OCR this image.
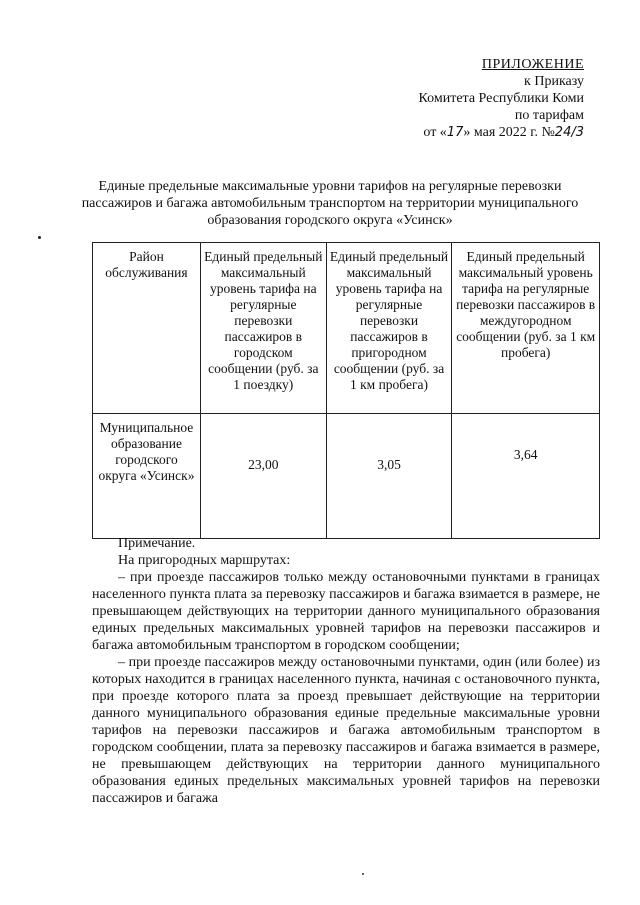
ПРИЛОЖЕНИЕ
к Приказу
Комитета Республики Коми
по тарифам
от «17» мая 2022 г. №24/3
Единые предельные максимальные уровни тарифов на регулярные перевозки пассажиров и багажа автомобильным транспортом на территории муниципального образования городского округа «Усинск»
Район обслуживания	Единый предельный максимальный уровень тарифа на регулярные перевозки пассажиров в городском сообщении (руб. за 1 поездку)	Единый предельный максимальный уровень тарифа на регулярные перевозки пассажиров в пригородном сообщении (руб. за 1 км пробега)	Единый предельный максимальный уровень тарифа на регулярные перевозки пассажиров в междугородном сообщении (руб. за 1 км пробега)
Муниципальное образование городского округа «Усинск»	23,00	3,05	3,64
Примечание.
На пригородных маршрутах:

– при проезде пассажиров только между остановочными пунктами в границах населенного пункта плата за перевозку пассажиров и багажа взимается в размере, не превышающем действующих на территории данного муниципального образования единых предельных максимальных уровней тарифов на перевозки пассажиров и багажа автомобильным транспортом в городском сообщении;

– при проезде пассажиров между остановочными пунктами, один (или более) из которых находится в границах населенного пункта, начиная с остановочного пункта, при проезде которого плата за проезд превышает действующие на территории данного муниципального образования единые предельные максимальные уровни тарифов на перевозки пассажиров и багажа автомобильным транспортом в городском сообщении, плата за перевозку пассажиров и багажа взимается в размере, не превышающем действующих на территории данного муниципального образования единых предельных максимальных уровней тарифов на перевозки пассажиров и багажа
